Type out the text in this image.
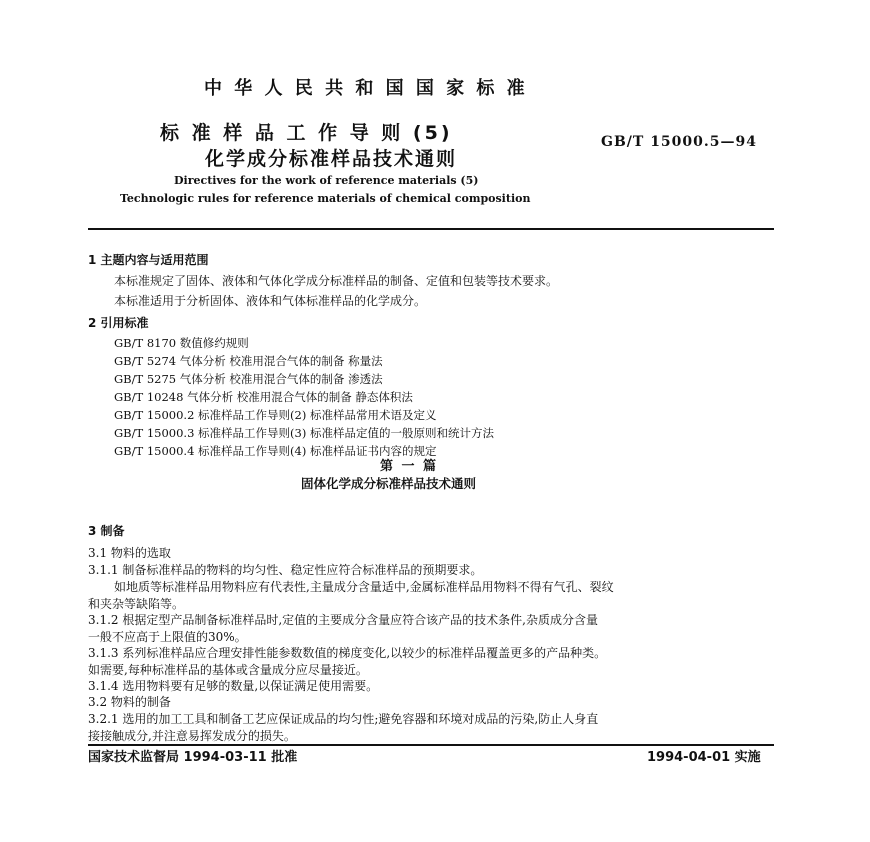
中 华 人 民 共 和 国 国 家 标 准
标 准 样 品 工 作 导 则 (5)
化学成分标准样品技术通则
GB/T 15000.5—94
Directives for the work of reference materials (5)
Technologic rules for reference materials of chemical composition
1 主题内容与适用范围
本标准规定了固体、液体和气体化学成分标准样品的制备、定值和包装等技术要求。
本标准适用于分析固体、液体和气体标准样品的化学成分。
2 引用标准
GB/T 8170 数值修约规则
GB/T 5274 气体分析 校准用混合气体的制备 称量法
GB/T 5275 气体分析 校准用混合气体的制备 渗透法
GB/T 10248 气体分析 校准用混合气体的制备 静态体积法
GB/T 15000.2 标准样品工作导则(2) 标准样品常用术语及定义
GB/T 15000.3 标准样品工作导则(3) 标准样品定值的一般原则和统计方法
GB/T 15000.4 标准样品工作导则(4) 标准样品证书内容的规定
第 一 篇
固体化学成分标准样品技术通则
3 制备
3.1 物料的选取
3.1.1 制备标准样品的物料的均匀性、稳定性应符合标准样品的预期要求。
如地质等标准样品用物料应有代表性,主量成分含量适中,金属标准样品用物料不得有气孔、裂纹
和夹杂等缺陷等。
3.1.2 根据定型产品制备标准样品时,定值的主要成分含量应符合该产品的技术条件,杂质成分含量
一般不应高于上限值的30%。
3.1.3 系列标准样品应合理安排性能参数数值的梯度变化,以较少的标准样品覆盖更多的产品种类。
如需要,每种标准样品的基体或含量成分应尽量接近。
3.1.4 选用物料要有足够的数量,以保证满足使用需要。
3.2 物料的制备
3.2.1 选用的加工工具和制备工艺应保证成品的均匀性;避免容器和环境对成品的污染,防止人身直
接接触成分,并注意易挥发成分的损失。
国家技术监督局 1994-03-11 批准	1994-04-01 实施
